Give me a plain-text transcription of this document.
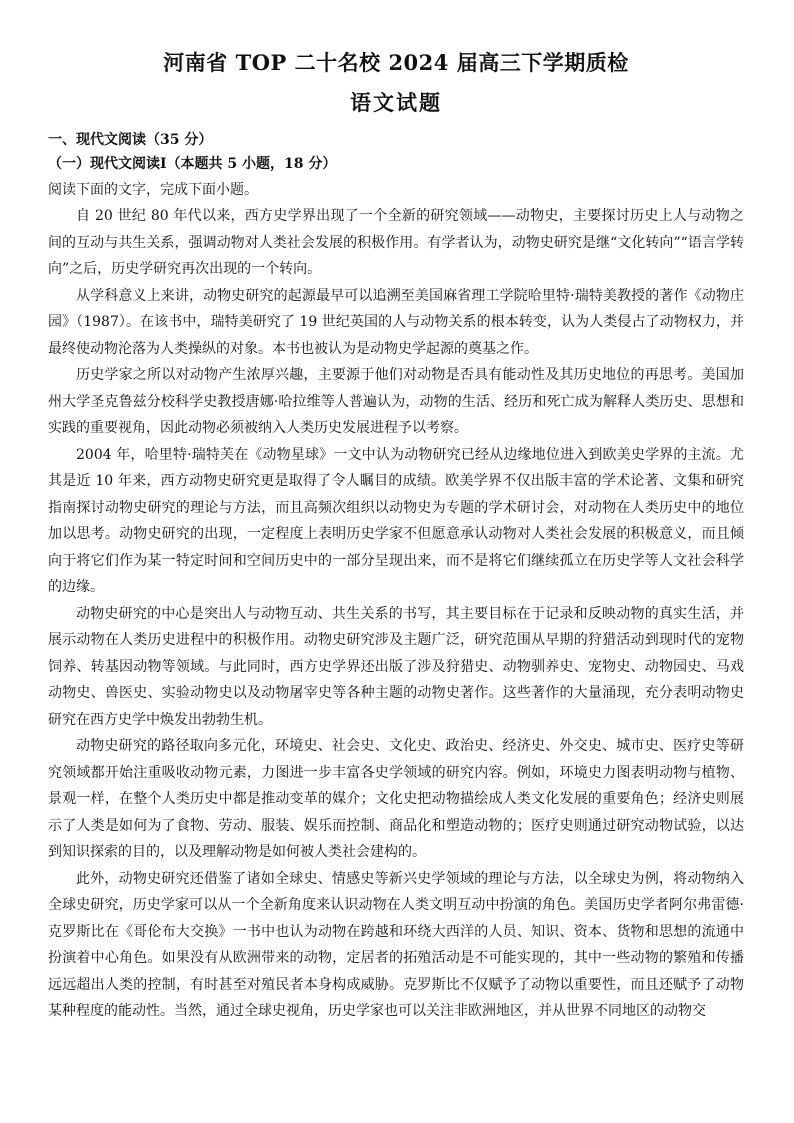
河南省 TOP 二十名校 2024 届高三下学期质检
语文试题
一、现代文阅读（35 分）
（一）现代文阅读Ⅰ（本题共 5 小题，18 分）

阅读下面的文字，完成下面小题。

自 20 世纪 80 年代以来，西方史学界出现了一个全新的研究领域——动物史，主要探讨历史上人与动物之间的互动与共生关系，强调动物对人类社会发展的积极作用。有学者认为，动物史研究是继“文化转向”“语言学转向”之后，历史学研究再次出现的一个转向。

从学科意义上来讲，动物史研究的起源最早可以追溯至美国麻省理工学院哈里特·瑞特美教授的著作《动物庄园》（1987）。在该书中，瑞特美研究了 19 世纪英国的人与动物关系的根本转变，认为人类侵占了动物权力，并最终使动物沦落为人类操纵的对象。本书也被认为是动物史学起源的奠基之作。

历史学家之所以对动物产生浓厚兴趣，主要源于他们对动物是否具有能动性及其历史地位的再思考。美国加州大学圣克鲁兹分校科学史教授唐娜·哈拉维等人普遍认为，动物的生活、经历和死亡成为解释人类历史、思想和实践的重要视角，因此动物必须被纳入人类历史发展进程予以考察。

2004 年，哈里特·瑞特芙在《动物星球》一文中认为动物研究已经从边缘地位进入到欧美史学界的主流。尤其是近 10 年来，西方动物史研究更是取得了令人瞩目的成绩。欧美学界不仅出版丰富的学术论著、文集和研究指南探讨动物史研究的理论与方法，而且高频次组织以动物史为专题的学术研讨会，对动物在人类历史中的地位加以思考。动物史研究的出现，一定程度上表明历史学家不但愿意承认动物对人类社会发展的积极意义，而且倾向于将它们作为某一特定时间和空间历史中的一部分呈现出来，而不是将它们继续孤立在历史学等人文社会科学的边缘。

动物史研究的中心是突出人与动物互动、共生关系的书写，其主要目标在于记录和反映动物的真实生活，并展示动物在人类历史进程中的积极作用。动物史研究涉及主题广泛，研究范围从早期的狩猎活动到现时代的宠物饲养、转基因动物等领域。与此同时，西方史学界还出版了涉及狩猎史、动物驯养史、宠物史、动物园史、马戏动物史、兽医史、实验动物史以及动物屠宰史等各种主题的动物史著作。这些著作的大量涌现，充分表明动物史研究在西方史学中焕发出勃勃生机。

动物史研究的路径取向多元化，环境史、社会史、文化史、政治史、经济史、外交史、城市史、医疗史等研究领域都开始注重吸收动物元素，力图进一步丰富各史学领域的研究内容。例如，环境史力图表明动物与植物、景观一样，在整个人类历史中都是推动变革的媒介；文化史把动物描绘成人类文化发展的重要角色；经济史则展示了人类是如何为了食物、劳动、服装、娱乐而控制、商品化和塑造动物的；医疗史则通过研究动物试验，以达到知识探索的目的，以及理解动物是如何被人类社会建构的。

此外，动物史研究还借鉴了诸如全球史、情感史等新兴史学领域的理论与方法，以全球史为例，将动物纳入全球史研究，历史学家可以从一个全新角度来认识动物在人类文明互动中扮演的角色。美国历史学者阿尔弗雷德·克罗斯比在《哥伦布大交换》一书中也认为动物在跨越和环绕大西洋的人员、知识、资本、货物和思想的流通中扮演着中心角色。如果没有从欧洲带来的动物，定居者的拓殖活动是不可能实现的，其中一些动物的繁殖和传播远远超出人类的控制，有时甚至对殖民者本身构成威胁。克罗斯比不仅赋予了动物以重要性，而且还赋予了动物某种程度的能动性。当然，通过全球史视角，历史学家也可以关注非欧洲地区，并从世界不同地区的动物交
